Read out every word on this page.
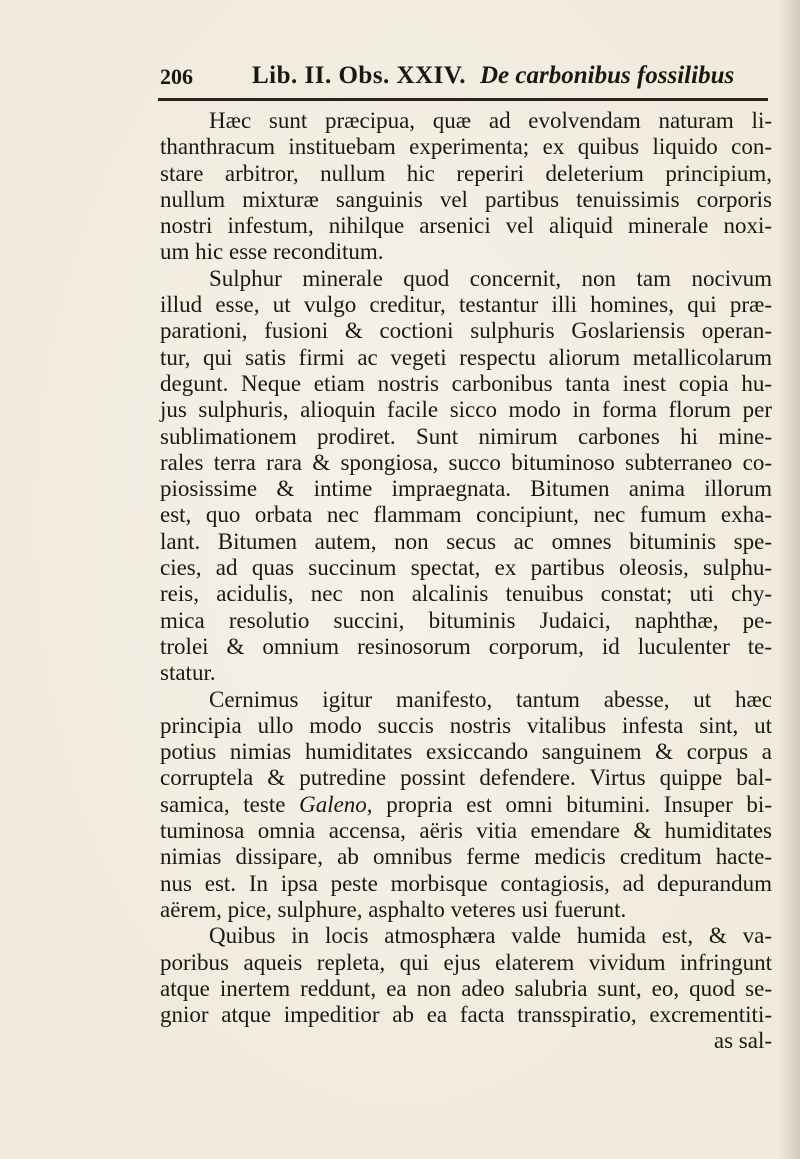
206 Lib. II. Obs. XXIV. De carbonibus fossilibus
Hæc sunt præcipua, quæ ad evolvendam naturam li-
thanthracum instituebam experimenta; ex quibus liquido con-
stare arbitror, nullum hic reperiri deleterium principium,
nullum mixturæ sanguinis vel partibus tenuissimis corporis
nostri infestum, nihilque arsenici vel aliquid minerale noxi-
um hic esse reconditum.
Sulphur minerale quod concernit, non tam nocivum
illud esse, ut vulgo creditur, testantur illi homines, qui præ-
parationi, fusioni & coctioni sulphuris Goslariensis operan-
tur, qui satis firmi ac vegeti respectu aliorum metallicolarum
degunt. Neque etiam nostris carbonibus tanta inest copia hu-
jus sulphuris, alioquin facile sicco modo in forma florum per
sublimationem prodiret. Sunt nimirum carbones hi mine-
rales terra rara & spongiosa, succo bituminoso subterraneo co-
piosissime & intime impraegnata. Bitumen anima illorum
est, quo orbata nec flammam concipiunt, nec fumum exha-
lant. Bitumen autem, non secus ac omnes bituminis spe-
cies, ad quas succinum spectat, ex partibus oleosis, sulphu-
reis, acidulis, nec non alcalinis tenuibus constat; uti chy-
mica resolutio succini, bituminis Judaici, naphthæ, pe-
trolei & omnium resinosorum corporum, id luculenter te-
statur.
Cernimus igitur manifesto, tantum abesse, ut hæc
principia ullo modo succis nostris vitalibus infesta sint, ut
potius nimias humiditates exsiccando sanguinem & corpus a
corruptela & putredine possint defendere. Virtus quippe bal-
samica, teste Galeno, propria est omni bitumini. Insuper bi-
tuminosa omnia accensa, aëris vitia emendare & humiditates
nimias dissipare, ab omnibus ferme medicis creditum hacte-
nus est. In ipsa peste morbisque contagiosis, ad depurandum
aërem, pice, sulphure, asphalto veteres usi fuerunt.
Quibus in locis atmosphæra valde humida est, & va-
poribus aqueis repleta, qui ejus elaterem vividum infringunt
atque inertem reddunt, ea non adeo salubria sunt, eo, quod se-
gnior atque impeditior ab ea facta transspiratio, excrementiti-
as sal-
